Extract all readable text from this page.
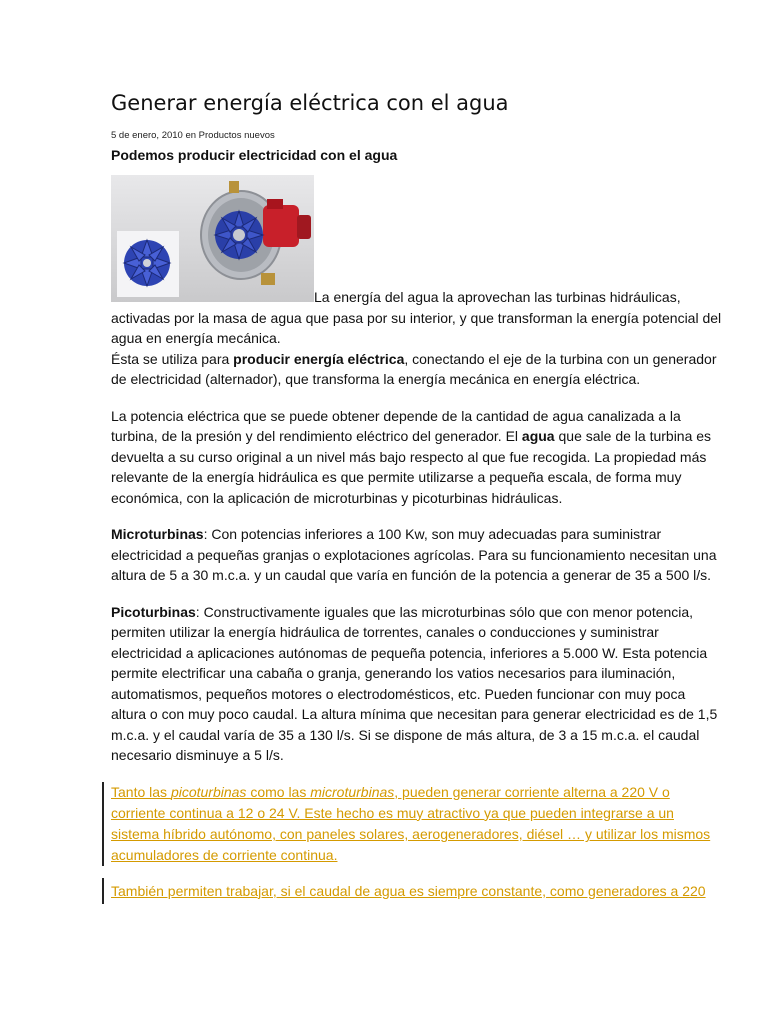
Generar energía eléctrica con el agua
5 de enero, 2010 en Productos nuevos
Podemos producir electricidad con el agua

La energía del agua la aprovechan las turbinas hidráulicas, activadas por la masa de agua que pasa por su interior, y que transforman la energía potencial del agua en energía mecánica.

Ésta se utiliza para producir energía eléctrica, conectando el eje de la turbina con un generador de electricidad (alternador), que transforma la energía mecánica en energía eléctrica.

La potencia eléctrica que se puede obtener depende de la cantidad de agua canalizada a la turbina, de la presión y del rendimiento eléctrico del generador. El agua que sale de la turbina es devuelta a su curso original a un nivel más bajo respecto al que fue recogida. La propiedad más relevante de la energía hidráulica es que permite utilizarse a pequeña escala, de forma muy económica, con la aplicación de microturbinas y picoturbinas hidráulicas.

Microturbinas: Con potencias inferiores a 100 Kw, son muy adecuadas para suministrar electricidad a pequeñas granjas o explotaciones agrícolas. Para su funcionamiento necesitan una altura de 5 a 30 m.c.a. y un caudal que varía en función de la potencia a generar de 35 a 500 l/s.

Picoturbinas: Constructivamente iguales que las microturbinas sólo que con menor potencia, permiten utilizar la energía hidráulica de torrentes, canales o conducciones y suministrar electricidad a aplicaciones autónomas de pequeña potencia, inferiores a 5.000 W. Esta potencia permite electrificar una cabaña o granja, generando los vatios necesarios para iluminación, automatismos, pequeños motores o electrodomésticos, etc. Pueden funcionar con muy poca altura o con muy poco caudal. La altura mínima que necesitan para generar electricidad es de 1,5 m.c.a. y el caudal varía de 35 a 130 l/s. Si se dispone de más altura, de 3 a 15 m.c.a. el caudal necesario disminuye a 5 l/s.

Tanto las picoturbinas como las microturbinas, pueden generar corriente alterna a 220 V o corriente continua a 12 o 24 V. Este hecho es muy atractivo ya que pueden integrarse a un sistema híbrido autónomo, con paneles solares, aerogeneradores, diésel … y utilizar los mismos acumuladores de corriente continua.

También permiten trabajar, si el caudal de agua es siempre constante, como generadores a 220
